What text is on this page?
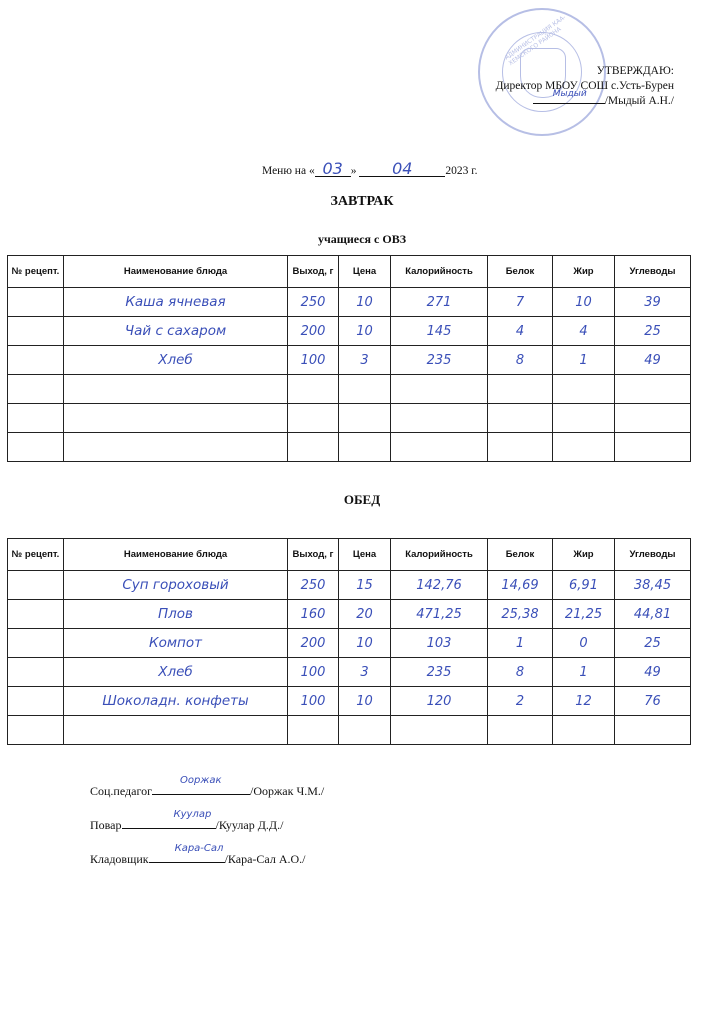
АДМИНИСТРАЦИЯ КАА-ХЕМСКОГО РАЙОНА
УТВЕРЖДАЮ:
Директор МБОУ СОШ с.Усть-Бурен
Мыдый
/Мыдый А.Н./
Меню на « 03 » 04	2023 г.
ЗАВТРАК
учащиеся с ОВЗ
№ рецепт.	Наименование блюда	Выход, г	Цена	Калорийность	Белок	Жир	Углеводы
	Каша ячневая	250	10	271	7	10	39
	Чай с сахаром	200	10	145	4	4	25
	Хлеб	100	3	235	8	1	49

ОБЕД
№ рецепт.	Наименование блюда	Выход, г	Цена	Калорийность	Белок	Жир	Углеводы
	Суп гороховый	250	15	142,76	14,69	6,91	38,45
	Плов	160	20	471,25	25,38	21,25	44,81
	Компот	200	10	103	1	0	25
	Хлеб	100	3	235	8	1	49
	Шоколадн. конфеты	100	10	120	2	12	76

Соц.педагог
Ооржак
/Ооржак Ч.М./
Повар
Куулар
/Куулар Д.Д./
Кладовщик
Кара-Сал
/Кара-Сал А.О./
